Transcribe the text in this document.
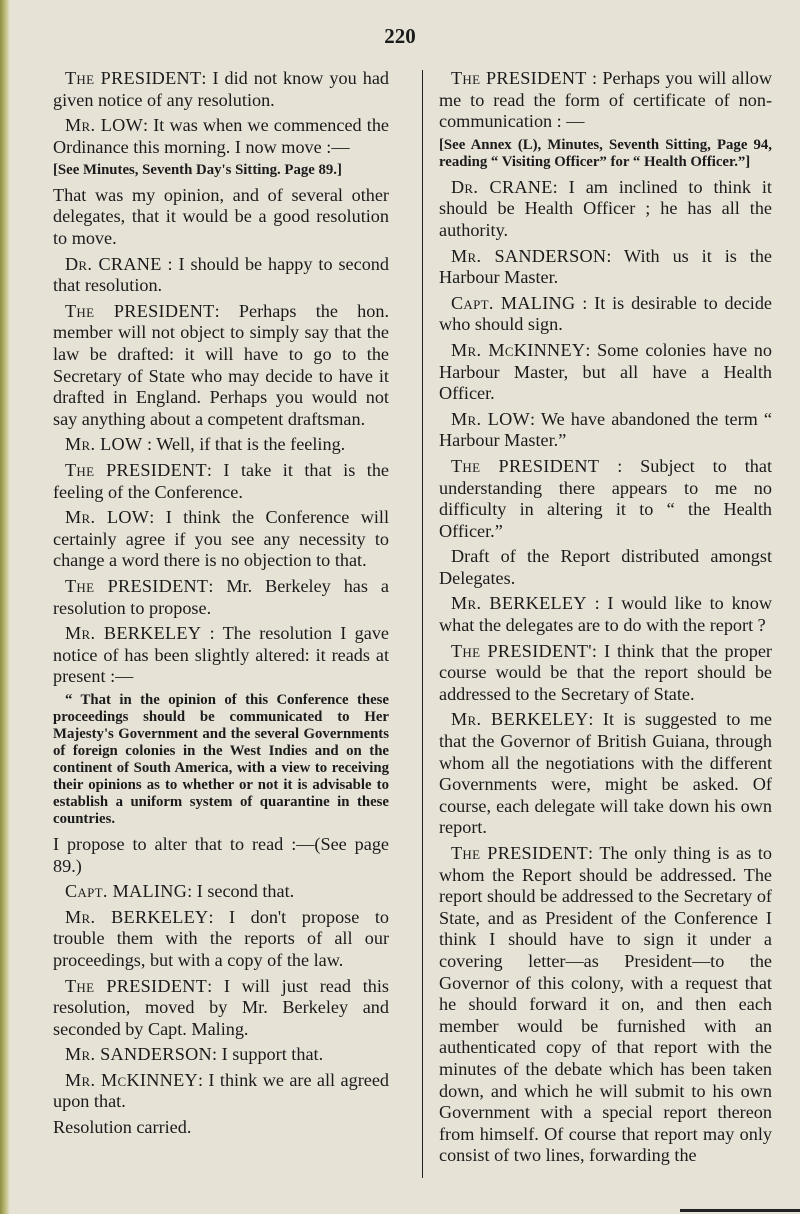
220

The PRESIDENT: I did not know you had given notice of any resolution.

Mr. LOW: It was when we commenced the Ordinance this morning. I now move :—

[See Minutes, Seventh Day's Sitting. Page 89.]

That was my opinion, and of several other delegates, that it would be a good resolution to move.

Dr. CRANE : I should be happy to second that resolution.

The PRESIDENT: Perhaps the hon. member will not object to simply say that the law be drafted: it will have to go to the Secretary of State who may decide to have it drafted in England. Perhaps you would not say anything about a competent draftsman.

Mr. LOW : Well, if that is the feeling.

The PRESIDENT: I take it that is the feeling of the Conference.

Mr. LOW: I think the Conference will certainly agree if you see any necessity to change a word there is no objection to that.

The PRESIDENT: Mr. Berkeley has a resolution to propose.

Mr. BERKELEY : The resolution I gave notice of has been slightly altered: it reads at present :—

“ That in the opinion of this Conference these proceedings should be communicated to Her Majesty's Government and the several Governments of foreign colonies in the West Indies and on the continent of South America, with a view to receiving their opinions as to whether or not it is advisable to establish a uniform system of quarantine in these countries.

I propose to alter that to read :—(See page 89.)

Capt. MALING: I second that.

Mr. BERKELEY: I don't propose to trouble them with the reports of all our proceedings, but with a copy of the law.

The PRESIDENT: I will just read this resolution, moved by Mr. Berkeley and seconded by Capt. Maling.

Mr. SANDERSON: I support that.

Mr. McKINNEY: I think we are all agreed upon that.

Resolution carried.

The PRESIDENT : Perhaps you will allow me to read the form of certificate of non-communication : —

[See Annex (L), Minutes, Seventh Sitting, Page 94, reading “ Visiting Officer” for “ Health Officer.”]

Dr. CRANE: I am inclined to think it should be Health Officer ; he has all the authority.

Mr. SANDERSON: With us it is the Harbour Master.

Capt. MALING : It is desirable to decide who should sign.

Mr. McKINNEY: Some colonies have no Harbour Master, but all have a Health Officer.

Mr. LOW: We have abandoned the term “ Harbour Master.”

The PRESIDENT : Subject to that understanding there appears to me no difficulty in altering it to “ the Health Officer.”

Draft of the Report distributed amongst Delegates.

Mr. BERKELEY : I would like to know what the delegates are to do with the report ?

The PRESIDENT': I think that the proper course would be that the report should be addressed to the Secretary of State.

Mr. BERKELEY: It is suggested to me that the Governor of British Guiana, through whom all the negotiations with the different Governments were, might be asked. Of course, each delegate will take down his own report.

The PRESIDENT: The only thing is as to whom the Report should be addressed. The report should be addressed to the Secretary of State, and as President of the Conference I think I should have to sign it under a covering letter—as President—to the Governor of this colony, with a request that he should forward it on, and then each member would be furnished with an authenticated copy of that report with the minutes of the debate which has been taken down, and which he will submit to his own Government with a special report thereon from himself. Of course that report may only consist of two lines, forwarding the
